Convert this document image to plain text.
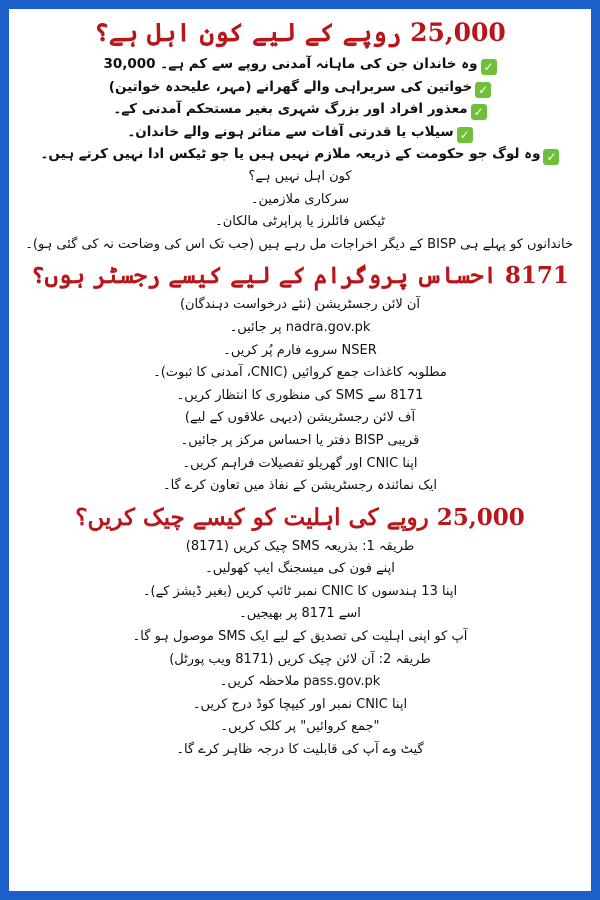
25,000 روپے کے لیے کون اہل ہے؟
✓وہ خاندان جن کی ماہانہ آمدنی روپے سے کم ہے۔ 30,000
✓خواتین کی سربراہی والے گھرانے (مہر، علیحدہ خواتین)
✓معذور افراد اور بزرگ شہری بغیر مستحکم آمدنی کے۔
✓سیلاب یا قدرتی آفات سے متاثر ہونے والے خاندان۔
✓وہ لوگ جو حکومت کے ذریعہ ملازم نہیں ہیں یا جو ٹیکس ادا نہیں کرتے ہیں۔
کون اہل نہیں ہے؟
سرکاری ملازمین۔
ٹیکس فائلرز یا پراپرٹی مالکان۔
خاندانوں کو پہلے ہی BISP کے دیگر اخراجات مل رہے ہیں (جب تک اس کی وضاحت نہ کی گئی ہو)۔
8171 احساس پروگرام کے لیے کیسے رجسٹر ہوں؟
آن لائن رجسٹریشن (نئے درخواست دہندگان)
nadra.gov.pk پر جائیں۔
NSER سروے فارم پُر کریں۔
مطلوبہ کاغذات جمع کروائیں (CNIC، آمدنی کا ثبوت)۔
8171 سے SMS کی منظوری کا انتظار کریں۔
آف لائن رجسٹریشن (دیہی علاقوں کے لیے)
قریبی BISP دفتر یا احساس مرکز پر جائیں۔
اپنا CNIC اور گھریلو تفصیلات فراہم کریں۔
ایک نمائندہ رجسٹریشن کے نفاذ میں تعاون کرے گا۔
25,000 روپے کی اہلیت کو کیسے چیک کریں؟
طریقہ 1: بذریعہ SMS چیک کریں (8171)
اپنے فون کی میسجنگ ایپ کھولیں۔
اپنا 13 ہندسوں کا CNIC نمبر ٹائپ کریں (بغیر ڈیشز کے)۔
اسے 8171 پر بھیجیں۔
آپ کو اپنی اہلیت کی تصدیق کے لیے ایک SMS موصول ہو گا۔
طریقہ 2: آن لائن چیک کریں (8171 ویب پورٹل)
pass.gov.pk ملاحظہ کریں۔
اپنا CNIC نمبر اور کیپچا کوڈ درج کریں۔
"جمع کروائیں" پر کلک کریں۔
گیٹ وے آپ کی قابلیت کا درجہ ظاہر کرے گا۔
